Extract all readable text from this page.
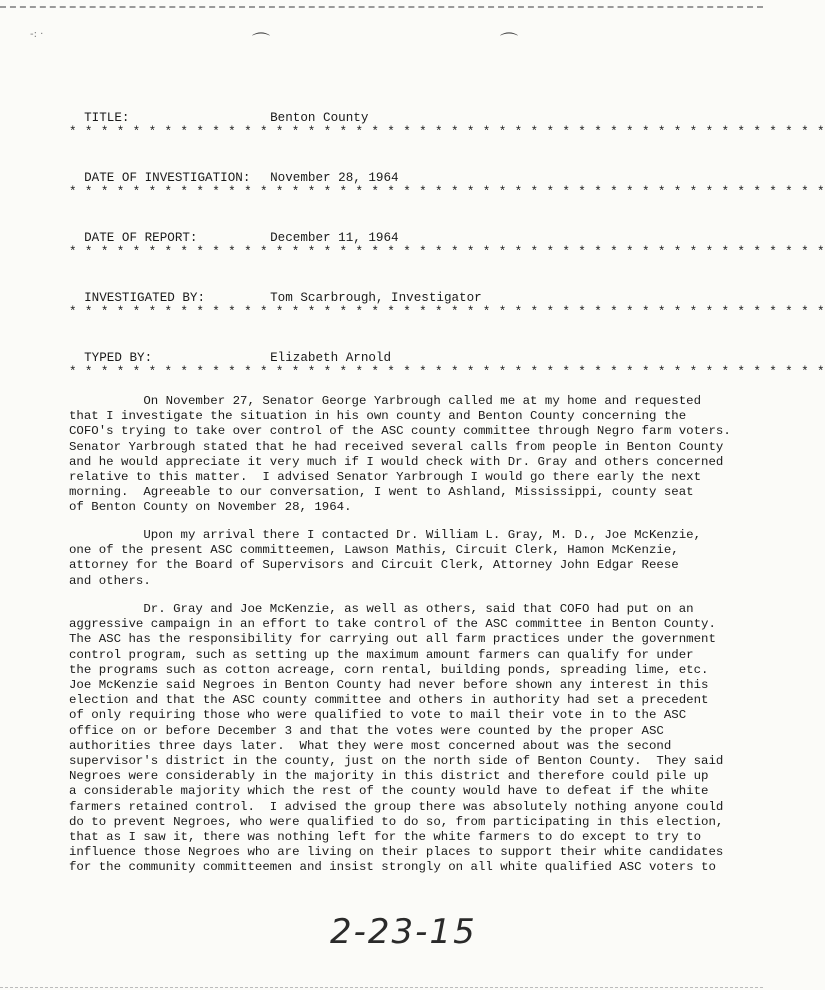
⌒	⌒
-: ·

TITLE:	Benton County

* * * * * * * * * * * * * * * * * * * * * * * * * * * * * * * * * * * * * * * * * * * * * * * *

DATE OF INVESTIGATION: November 28, 1964

* * * * * * * * * * * * * * * * * * * * * * * * * * * * * * * * * * * * * * * * * * * * * * * *

DATE OF REPORT:	December 11, 1964

* * * * * * * * * * * * * * * * * * * * * * * * * * * * * * * * * * * * * * * * * * * * * * * *

INVESTIGATED BY:	Tom Scarbrough, Investigator

* * * * * * * * * * * * * * * * * * * * * * * * * * * * * * * * * * * * * * * * * * * * * * * *

TYPED BY:	Elizabeth Arnold

* * * * * * * * * * * * * * * * * * * * * * * * * * * * * * * * * * * * * * * * * * * * * * * *
On November 27, Senator George Yarbrough called me at my home and requested
that I investigate the situation in his own county and Benton County concerning the
COFO's trying to take over control of the ASC county committee through Negro farm voters.
Senator Yarbrough stated that he had received several calls from people in Benton County
and he would appreciate it very much if I would check with Dr. Gray and others concerned
relative to this matter.  I advised Senator Yarbrough I would go there early the next
morning.  Agreeable to our conversation, I went to Ashland, Mississippi, county seat
of Benton County on November 28, 1964.
Upon my arrival there I contacted Dr. William L. Gray, M. D., Joe McKenzie,
one of the present ASC committeemen, Lawson Mathis, Circuit Clerk, Hamon McKenzie,
attorney for the Board of Supervisors and Circuit Clerk, Attorney John Edgar Reese
and others.
Dr. Gray and Joe McKenzie, as well as others, said that COFO had put on an
aggressive campaign in an effort to take control of the ASC committee in Benton County.
The ASC has the responsibility for carrying out all farm practices under the government
control program, such as setting up the maximum amount farmers can qualify for under
the programs such as cotton acreage, corn rental, building ponds, spreading lime, etc.
Joe McKenzie said Negroes in Benton County had never before shown any interest in this
election and that the ASC county committee and others in authority had set a precedent
of only requiring those who were qualified to vote to mail their vote in to the ASC
office on or before December 3 and that the votes were counted by the proper ASC
authorities three days later.  What they were most concerned about was the second
supervisor's district in the county, just on the north side of Benton County.  They said
Negroes were considerably in the majority in this district and therefore could pile up
a considerable majority which the rest of the county would have to defeat if the white
farmers retained control.  I advised the group there was absolutely nothing anyone could
do to prevent Negroes, who were qualified to do so, from participating in this election,
that as I saw it, there was nothing left for the white farmers to do except to try to
influence those Negroes who are living on their places to support their white candidates
for the community committeemen and insist strongly on all white qualified ASC voters to
2-23-15
